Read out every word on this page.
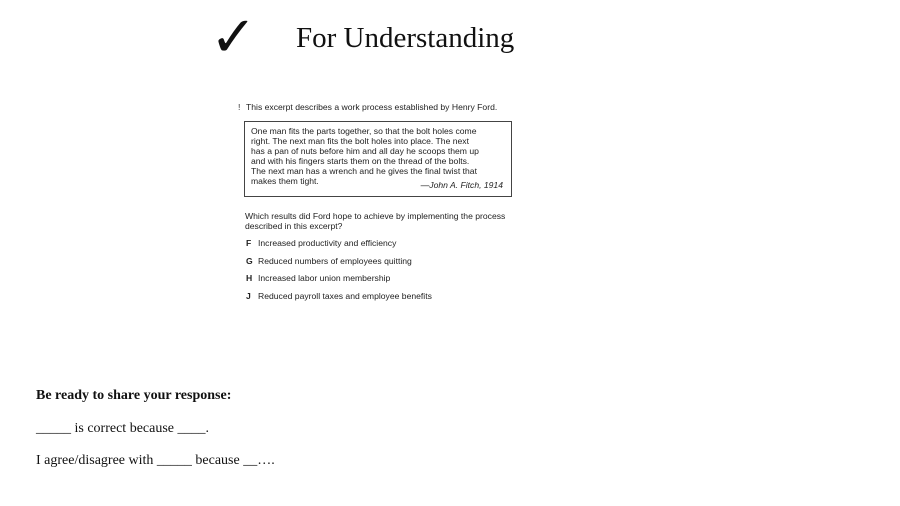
✓ For Understanding
! This excerpt describes a work process established by Henry Ford.
One man fits the parts together, so that the bolt holes come
right. The next man fits the bolt holes into place. The next
has a pan of nuts before him and all day he scoops them up
and with his fingers starts them on the thread of the bolts.
The next man has a wrench and he gives the final twist that
makes them tight.	—John A. Fitch, 1914
Which results did Ford hope to achieve by implementing the process
described in this excerpt?
F Increased productivity and efficiency
G Reduced numbers of employees quitting
H Increased labor union membership
J Reduced payroll taxes and employee benefits
Be ready to share your response:
_____ is correct because ____.
I agree/disagree with _____ because __….
